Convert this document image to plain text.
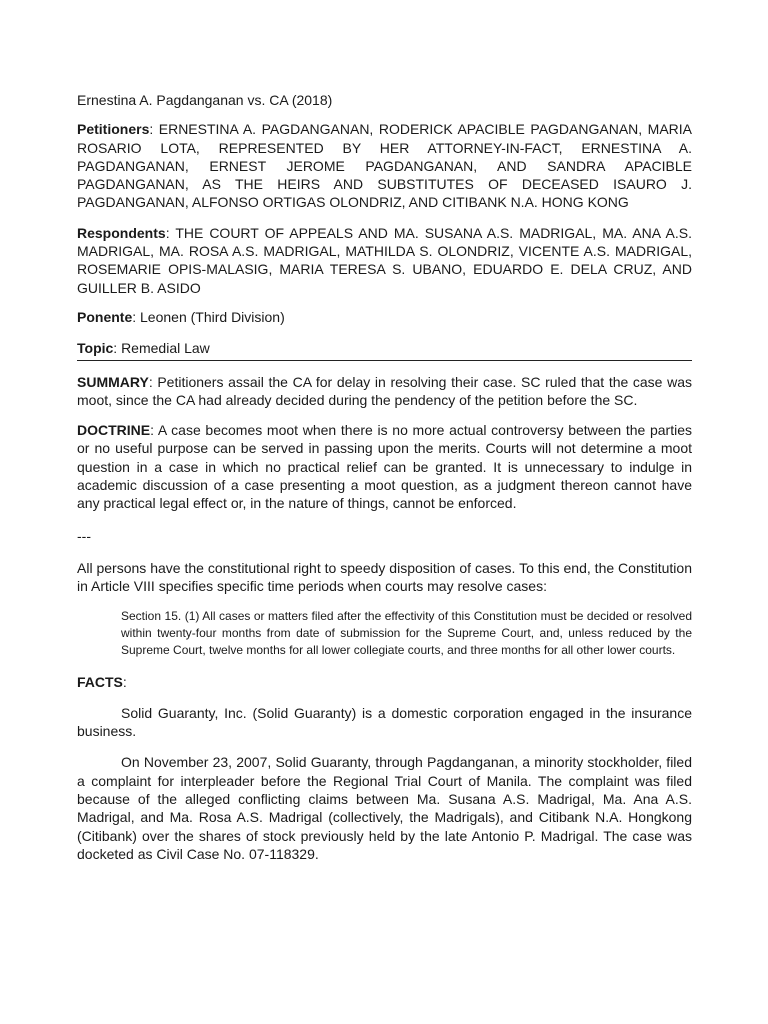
Ernestina A. Pagdanganan vs. CA (2018)

Petitioners: ERNESTINA A. PAGDANGANAN, RODERICK APACIBLE PAGDANGANAN, MARIA ROSARIO LOTA, REPRESENTED BY HER ATTORNEY-IN-FACT, ERNESTINA A. PAGDANGANAN, ERNEST JEROME PAGDANGANAN, AND SANDRA APACIBLE PAGDANGANAN, AS THE HEIRS AND SUBSTITUTES OF DECEASED ISAURO J. PAGDANGANAN, ALFONSO ORTIGAS OLONDRIZ, AND CITIBANK N.A. HONG KONG

Respondents: THE COURT OF APPEALS AND MA. SUSANA A.S. MADRIGAL, MA. ANA A.S. MADRIGAL, MA. ROSA A.S. MADRIGAL, MATHILDA S. OLONDRIZ, VICENTE A.S. MADRIGAL, ROSEMARIE OPIS-MALASIG, MARIA TERESA S. UBANO, EDUARDO E. DELA CRUZ, AND GUILLER B. ASIDO

Ponente: Leonen (Third Division)

Topic: Remedial Law

SUMMARY: Petitioners assail the CA for delay in resolving their case. SC ruled that the case was moot, since the CA had already decided during the pendency of the petition before the SC.

DOCTRINE: A case becomes moot when there is no more actual controversy between the parties or no useful purpose can be served in passing upon the merits. Courts will not determine a moot question in a case in which no practical relief can be granted. It is unnecessary to indulge in academic discussion of a case presenting a moot question, as a judgment thereon cannot have any practical legal effect or, in the nature of things, cannot be enforced.

---

All persons have the constitutional right to speedy disposition of cases. To this end, the Constitution in Article VIII specifies specific time periods when courts may resolve cases:

Section 15. (1) All cases or matters filed after the effectivity of this Constitution must be decided or resolved within twenty-four months from date of submission for the Supreme Court, and, unless reduced by the Supreme Court, twelve months for all lower collegiate courts, and three months for all other lower courts.

FACTS:

Solid Guaranty, Inc. (Solid Guaranty) is a domestic corporation engaged in the insurance business.

On November 23, 2007, Solid Guaranty, through Pagdanganan, a minority stockholder, filed a complaint for interpleader before the Regional Trial Court of Manila. The complaint was filed because of the alleged conflicting claims between Ma. Susana A.S. Madrigal, Ma. Ana A.S. Madrigal, and Ma. Rosa A.S. Madrigal (collectively, the Madrigals), and Citibank N.A. Hongkong (Citibank) over the shares of stock previously held by the late Antonio P. Madrigal. The case was docketed as Civil Case No. 07-118329.
